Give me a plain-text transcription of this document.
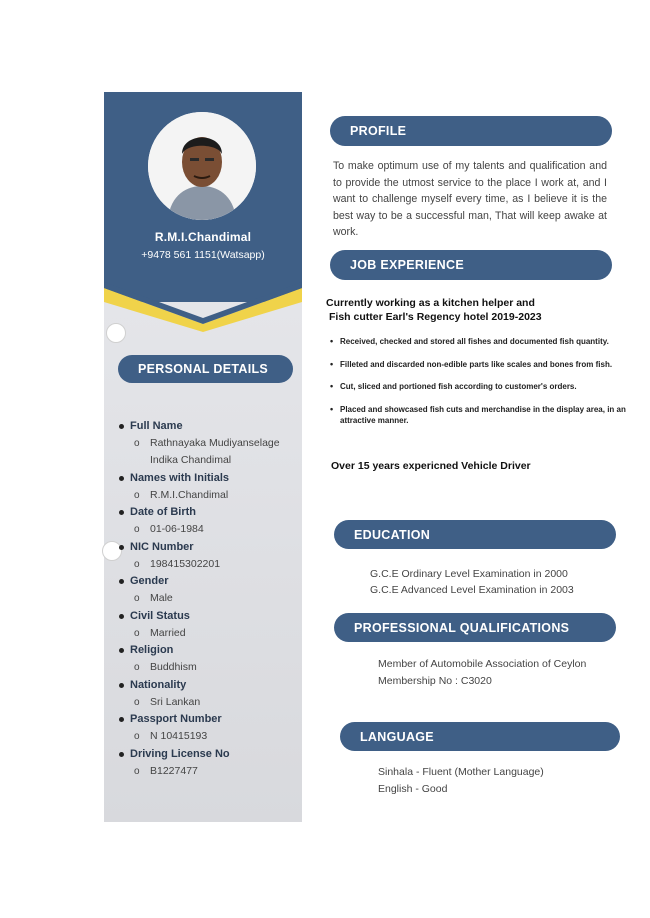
R.M.I.Chandimal
+9478 561 1151(Watsapp)
PERSONAL DETAILS
Full Name
o Rathnayaka Mudiyanselage
Indika Chandimal
Names with Initials
o R.M.I.Chandimal
Date of Birth
o 01-06-1984
NIC Number
o 198415302201
Gender
o Male
Civil Status
o Married
Religion
o Buddhism
Nationality
o Sri Lankan
Passport Number
o N 10415193
Driving License No
o B1227477
PROFILE
To make optimum use of my talents and qualification and to provide the utmost service to the place I work at, and I want to challenge myself every time, as I believe it is the best way to be a successful man, That will keep awake at work.
JOB EXPERIENCE
Currently working as a kitchen helper and
Fish cutter Earl's Regency hotel 2019-2023
• Received, checked and stored all fishes and documented fish quantity.
• Filleted and discarded non-edible parts like scales and bones from fish.
• Cut, sliced and portioned fish according to customer's orders.
• Placed and showcased fish cuts and merchandise in the display area, in an attractive manner.
Over 15 years expericned Vehicle Driver
EDUCATION
G.C.E Ordinary Level Examination in 2000
G.C.E Advanced Level Examination in 2003
PROFESSIONAL QUALIFICATIONS
Member of Automobile Association of Ceylon
Membership No : C3020
LANGUAGE
Sinhala - Fluent (Mother Language)
English - Good
